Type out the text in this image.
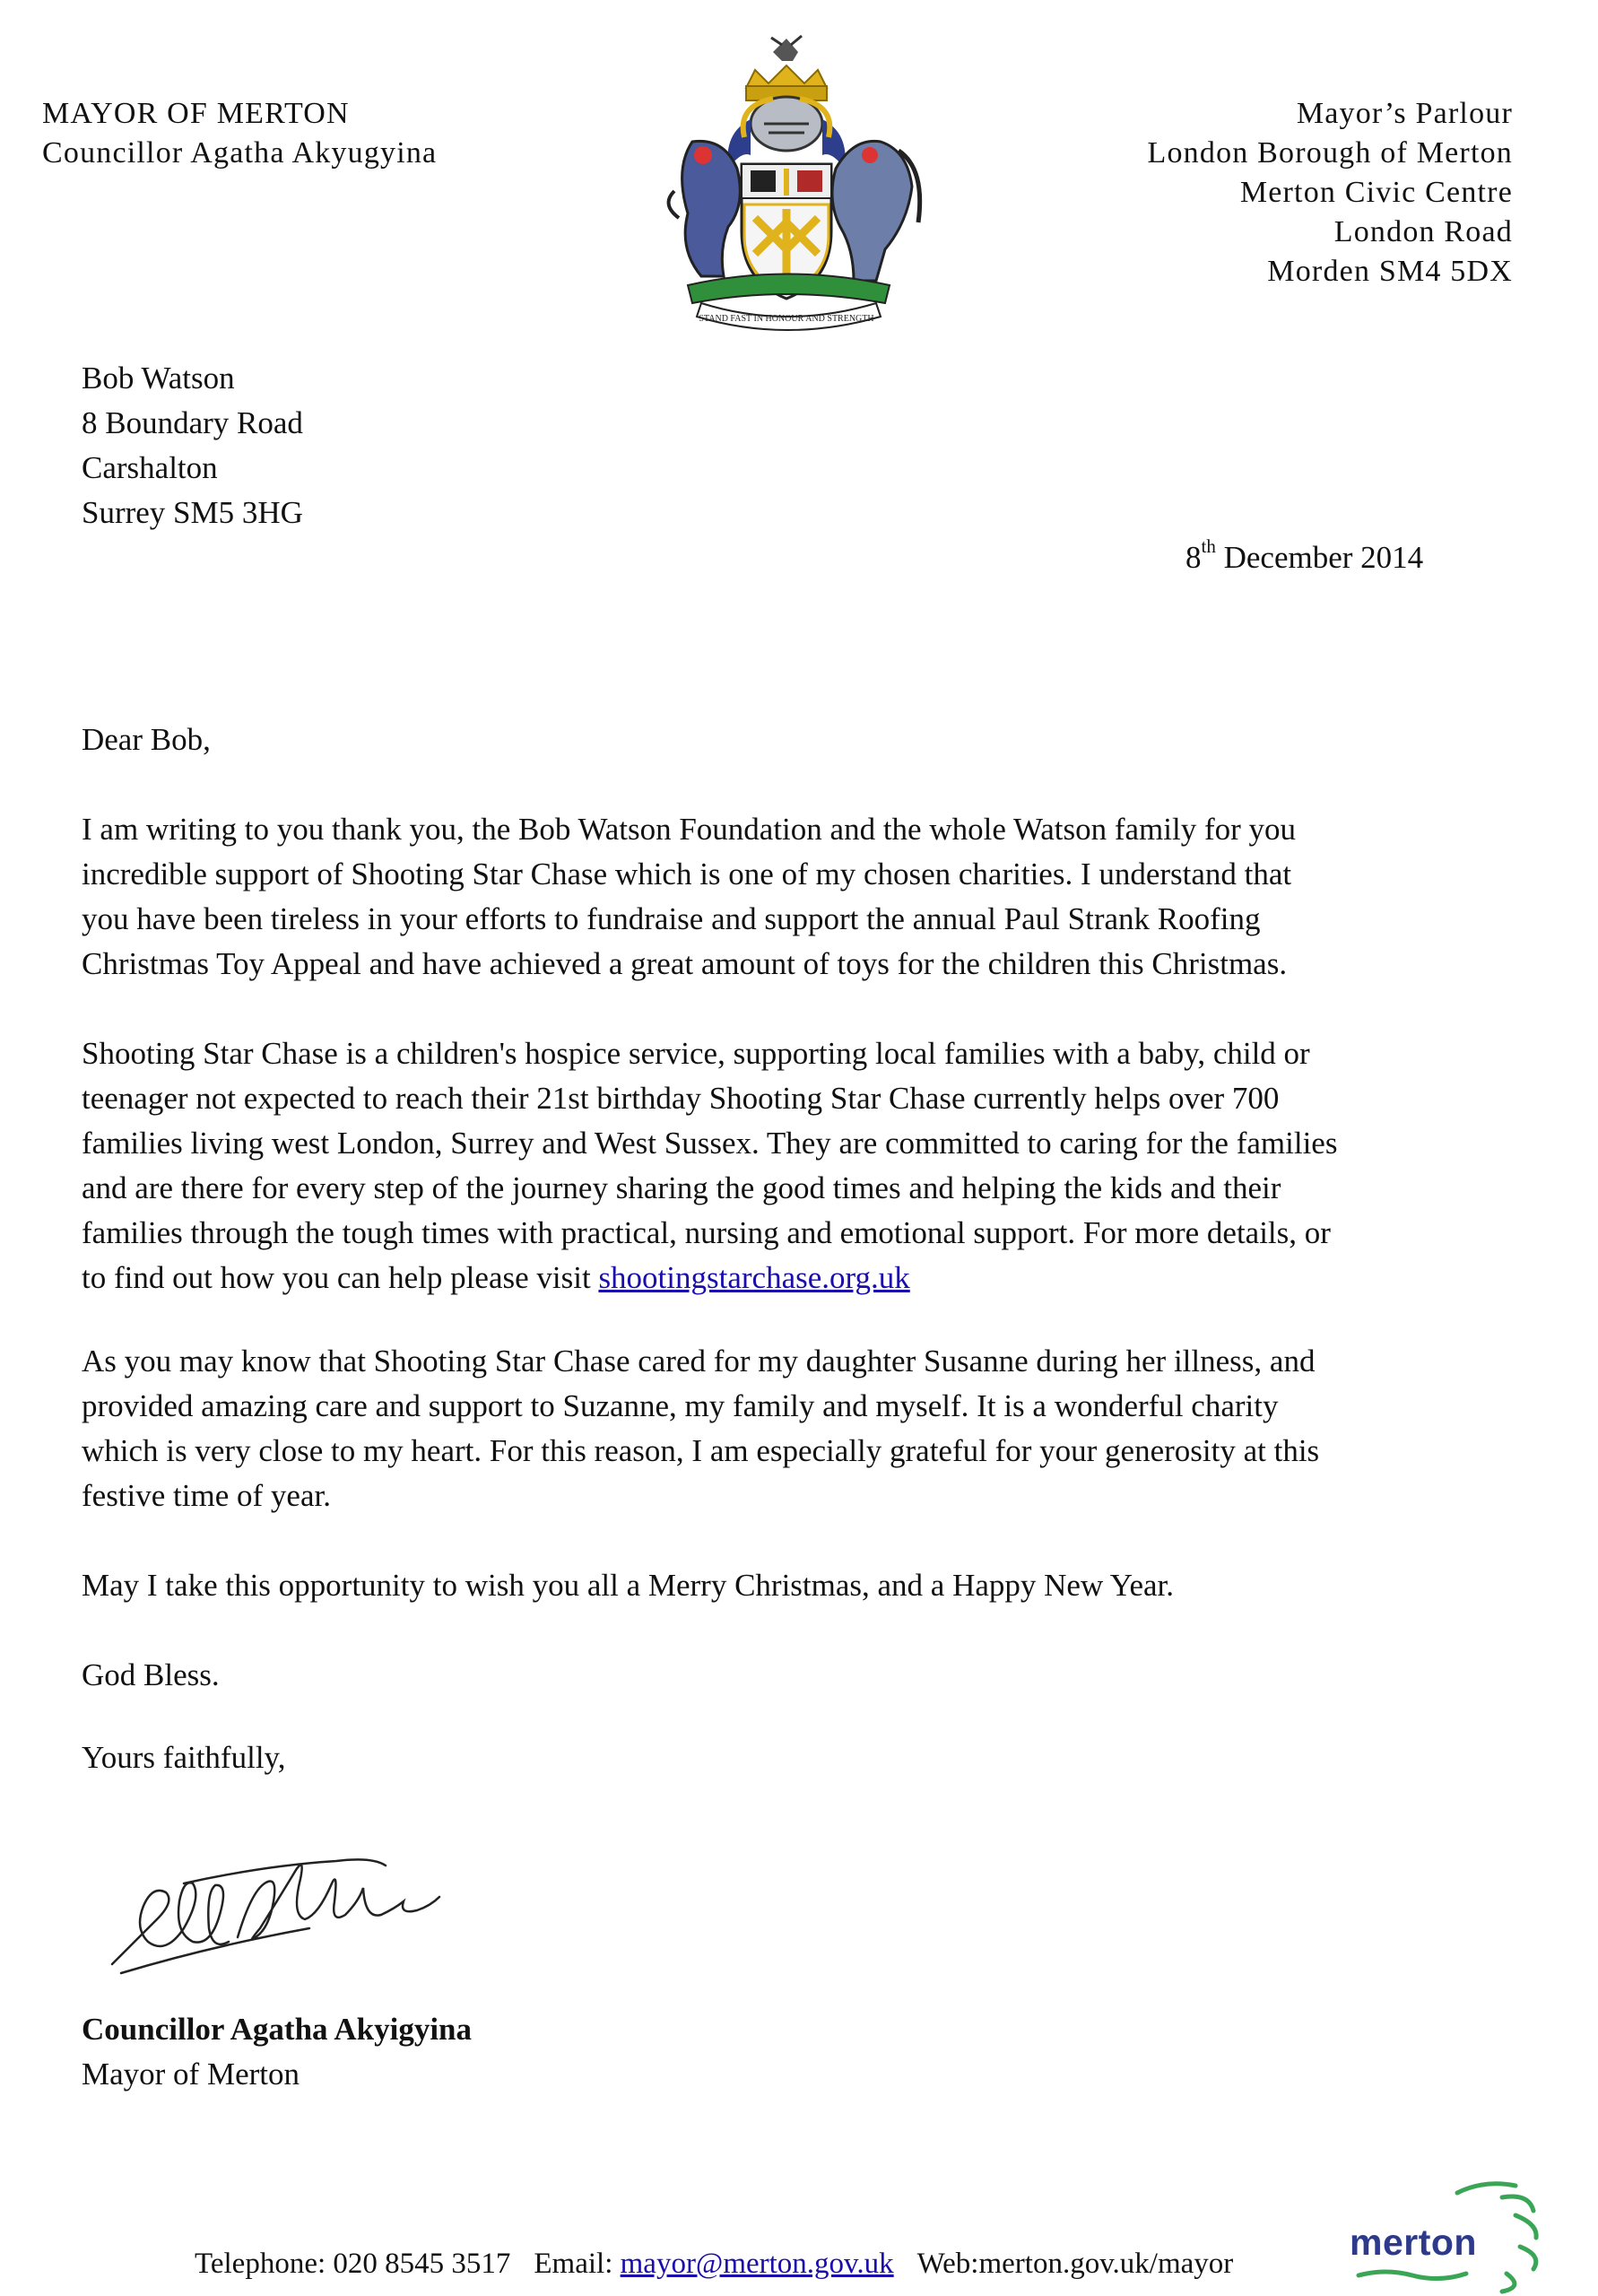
MAYOR OF MERTON
Councillor Agatha Akyugyina
STAND FAST IN HONOUR AND STRENGTH
Mayor’s Parlour
London Borough of Merton
Merton Civic Centre
London Road
Morden SM4 5DX
Bob Watson
8 Boundary Road
Carshalton
Surrey SM5 3HG
8th December 2014
Dear Bob,
I am writing to you thank you, the Bob Watson Foundation and the whole Watson family for you
incredible support of Shooting Star Chase which is one of my chosen charities. I understand that
you have been tireless in your efforts to fundraise and support the annual Paul Strank Roofing
Christmas Toy Appeal and have achieved a great amount of toys for the children this Christmas.
Shooting Star Chase is a children's hospice service, supporting local families with a baby, child or
teenager not expected to reach their 21st birthday Shooting Star Chase currently helps over 700
families living west London, Surrey and West Sussex. They are committed to caring for the families
and are there for every step of the journey sharing the good times and helping the kids and their
families through the tough times with practical, nursing and emotional support. For more details, or
to find out how you can help please visit shootingstarchase.org.uk
As you may know that Shooting Star Chase cared for my daughter Susanne during her illness, and
provided amazing care and support to Suzanne, my family and myself. It is a wonderful charity
which is very close to my heart. For this reason, I am especially grateful for your generosity at this
festive time of year.
May I take this opportunity to wish you all a Merry Christmas, and a Happy New Year.
God Bless.
Yours faithfully,
Councillor Agatha Akyigyina
Mayor of Merton
Telephone: 020 8545 3517 Email: mayor@merton.gov.uk Web:merton.gov.uk/mayor
merton
